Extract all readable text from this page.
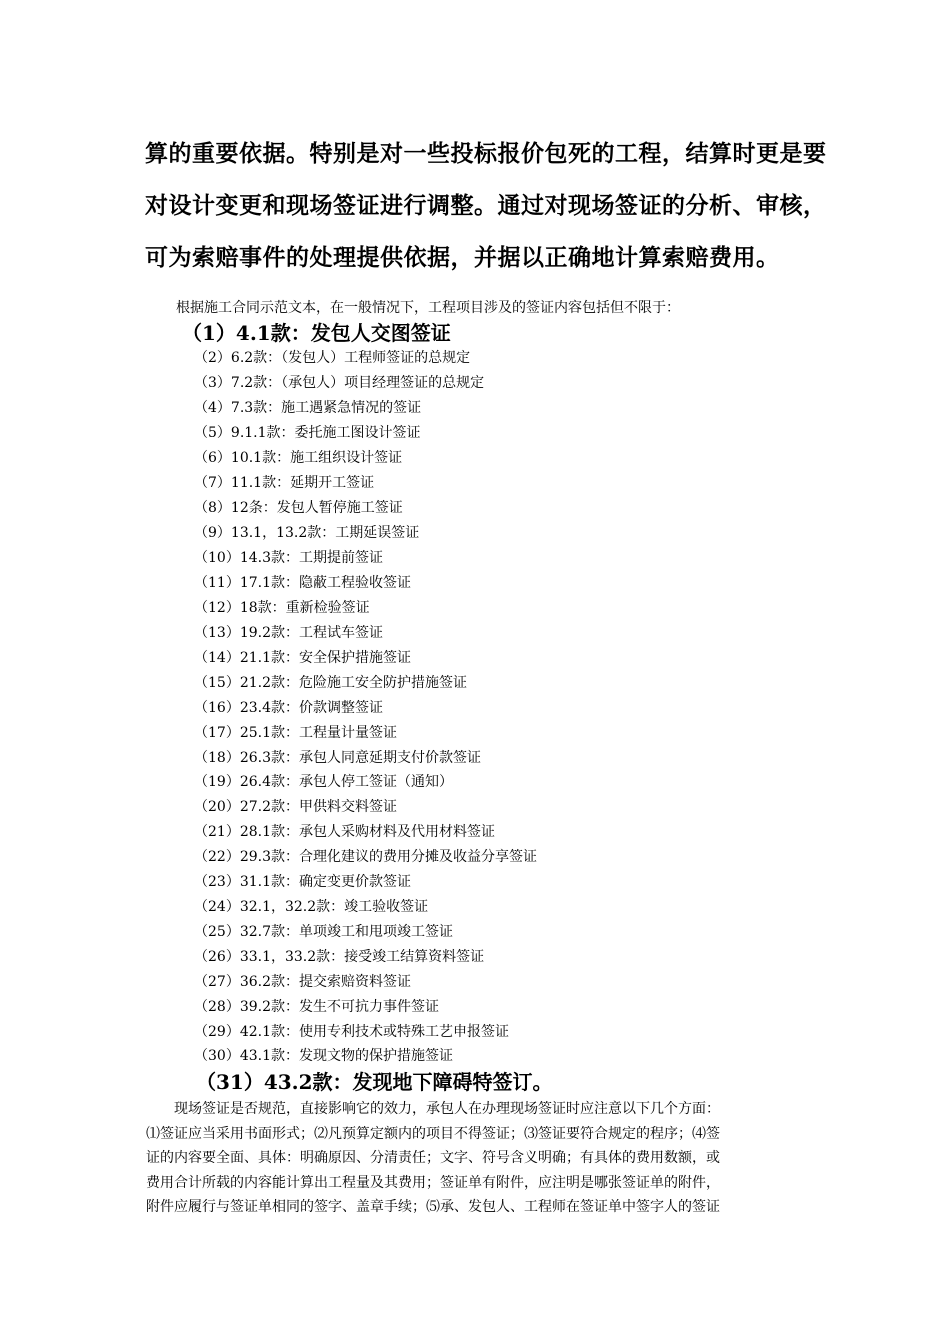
算的重要依据。特别是对一些投标报价包死的工程，结算时更是要

对设计变更和现场签证进行调整。通过对现场签证的分析、审核，

可为索赔事件的处理提供依据，并据以正确地计算索赔费用。

根据施工合同示范文本，在一般情况下，工程项目涉及的签证内容包括但不限于：
（1）4.1款：发包人交图签证
（2）6.2款：（发包人）工程师签证的总规定
（3）7.2款：（承包人）项目经理签证的总规定
（4）7.3款：施工遇紧急情况的签证
（5）9.1.1款：委托施工图设计签证
（6）10.1款：施工组织设计签证
（7）11.1款：延期开工签证
（8）12条：发包人暂停施工签证
（9）13.1，13.2款：工期延误签证
（10）14.3款：工期提前签证
（11）17.1款：隐蔽工程验收签证
（12）18款：重新检验签证
（13）19.2款：工程试车签证
（14）21.1款：安全保护措施签证
（15）21.2款：危险施工安全防护措施签证
（16）23.4款：价款调整签证
（17）25.1款：工程量计量签证
（18）26.3款：承包人同意延期支付价款签证
（19）26.4款：承包人停工签证（通知）
（20）27.2款：甲供料交料签证
（21）28.1款：承包人采购材料及代用材料签证
（22）29.3款：合理化建议的费用分摊及收益分享签证
（23）31.1款：确定变更价款签证
（24）32.1，32.2款：竣工验收签证
（25）32.7款：单项竣工和甩项竣工签证
（26）33.1，33.2款：接受竣工结算资料签证
（27）36.2款：提交索赔资料签证
（28）39.2款：发生不可抗力事件签证
（29）42.1款：使用专利技术或特殊工艺申报签证
（30）43.1款：发现文物的保护措施签证
（31）43.2款：发现地下障碍特签订。

　　现场签证是否规范，直接影响它的效力，承包人在办理现场签证时应注意以下几个方面：

⑴签证应当采用书面形式；⑵凡预算定额内的项目不得签证；⑶签证要符合规定的程序；⑷签

证的内容要全面、具体：明确原因、分清责任；文字、符号含义明确；有具体的费用数额，或

费用合计所载的内容能计算出工程量及其费用；签证单有附件，应注明是哪张签证单的附件，

附件应履行与签证单相同的签字、盖章手续；⑸承、发包人、工程师在签证单中签字人的签证
